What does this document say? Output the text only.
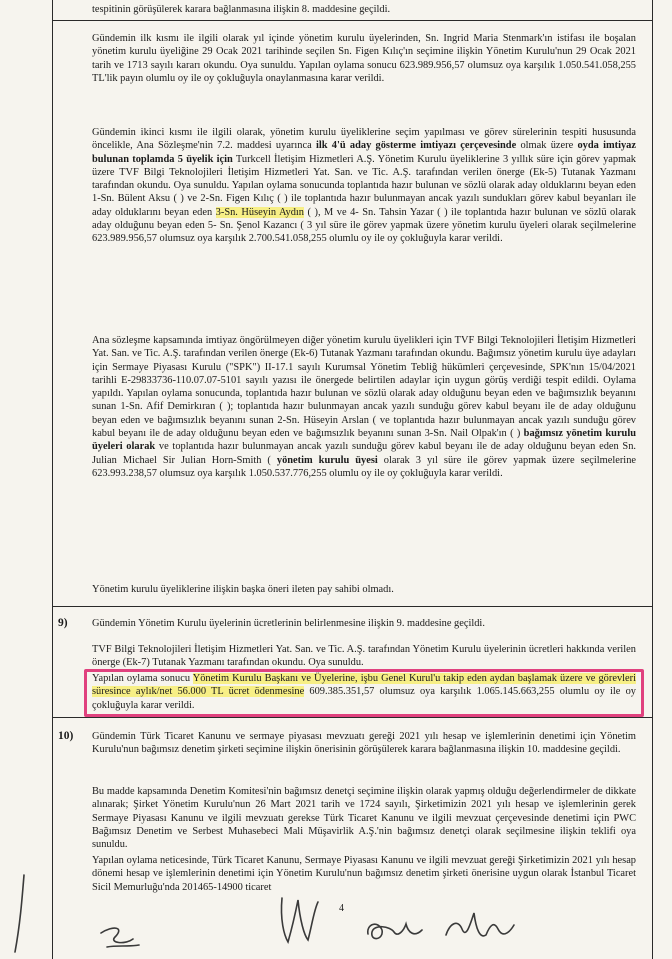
tespitinin görüşülerek karara bağlanmasına ilişkin 8. maddesine geçildi.

Gündemin ilk kısmı ile ilgili olarak yıl içinde yönetim kurulu üyelerinden, Sn. Ingrid Maria Stenmark'ın istifası ile boşalan yönetim kurulu üyeliğine 29 Ocak 2021 tarihinde seçilen Sn. Figen Kılıç'ın seçimine ilişkin Yönetim Kurulu'nun 29 Ocak 2021 tarih ve 1713 sayılı kararı okundu. Oya sunuldu. Yapılan oylama sonucu 623.989.956,57 olumsuz oya karşılık 1.050.541.058,255 TL'lik payın olumlu oy ile oy çokluğuyla onaylanmasına karar verildi.

Gündemin ikinci kısmı ile ilgili olarak, yönetim kurulu üyeliklerine seçim yapılması ve görev sürelerinin tespiti hususunda öncelikle, Ana Sözleşme'nin 7.2. maddesi uyarınca ilk 4'ü aday gösterme imtiyazı çerçevesinde olmak üzere oyda imtiyaz bulunan toplamda 5 üyelik için Turkcell İletişim Hizmetleri A.Ş. Yönetim Kurulu üyeliklerine 3 yıllık süre için görev yapmak üzere TVF Bilgi Teknolojileri İletişim Hizmetleri Yat. San. ve Tic. A.Ş. tarafından verilen önerge (Ek-5) Tutanak Yazmanı tarafından okundu. Oya sunuldu. Yapılan oylama sonucunda toplantıda hazır bulunan ve sözlü olarak aday olduklarını beyan eden 1-Sn. Bülent Aksu ( ) ve 2-Sn. Figen Kılıç ( ) ile toplantıda hazır bulunmayan ancak yazılı sundukları görev kabul beyanları ile aday olduklarını beyan eden 3-Sn. Hüseyin Aydın ( ), M ve 4- Sn. Tahsin Yazar ( ) ile toplantıda hazır bulunan ve sözlü olarak aday olduğunu beyan eden 5- Sn. Şenol Kazancı ( 3 yıl süre ile görev yapmak üzere yönetim kurulu üyeleri olarak seçilmelerine 623.989.956,57 olumsuz oya karşılık 2.700.541.058,255 olumlu oy ile oy çokluğuyla karar verildi.

Ana sözleşme kapsamında imtiyaz öngörülmeyen diğer yönetim kurulu üyelikleri için TVF Bilgi Teknolojileri İletişim Hizmetleri Yat. San. ve Tic. A.Ş. tarafından verilen önerge (Ek-6) Tutanak Yazmanı tarafından okundu. Bağımsız yönetim kurulu üye adayları için Sermaye Piyasası Kurulu ("SPK") II-17.1 sayılı Kurumsal Yönetim Tebliğ hükümleri çerçevesinde, SPK'nın 15/04/2021 tarihli E-29833736-110.07.07-5101 sayılı yazısı ile önergede belirtilen adaylar için uygun görüş verdiği tespit edildi. Oylama yapıldı. Yapılan oylama sonucunda, toplantıda hazır bulunan ve sözlü olarak aday olduğunu beyan eden ve bağımsızlık beyanını sunan 1-Sn. Afif Demirkıran ( ); toplantıda hazır bulunmayan ancak yazılı sunduğu görev kabul beyanı ile de aday olduğunu beyan eden ve bağımsızlık beyanını sunan 2-Sn. Hüseyin Arslan ( ve toplantıda hazır bulunmayan ancak yazılı sunduğu görev kabul beyanı ile de aday olduğunu beyan eden ve bağımsızlık beyanını sunan 3-Sn. Nail Olpak'ın ( ) bağımsız yönetim kurulu üyeleri olarak ve toplantıda hazır bulunmayan ancak yazılı sunduğu görev kabul beyanı ile de aday olduğunu beyan eden Sn. Julian Michael Sir Julian Horn-Smith ( yönetim kurulu üyesi olarak 3 yıl süre ile görev yapmak üzere seçilmelerine 623.993.238,57 olumsuz oya karşılık 1.050.537.776,255 olumlu oy ile oy çokluğuyla karar verildi.

Yönetim kurulu üyeliklerine ilişkin başka öneri ileten pay sahibi olmadı.

9) Gündemin Yönetim Kurulu üyelerinin ücretlerinin belirlenmesine ilişkin 9. maddesine geçildi.

TVF Bilgi Teknolojileri İletişim Hizmetleri Yat. San. ve Tic. A.Ş. tarafından Yönetim Kurulu üyelerinin ücretleri hakkında verilen önerge (Ek-7) Tutanak Yazmanı tarafından okundu. Oya sunuldu.

Yapılan oylama sonucu Yönetim Kurulu Başkanı ve Üyelerine, işbu Genel Kurul'u takip eden aydan başlamak üzere ve görevleri süresince aylık/net 56.000 TL ücret ödenmesine 609.385.351,57 olumsuz oya karşılık 1.065.145.663,255 olumlu oy ile oy çokluğuyla karar verildi.

10) Gündemin Türk Ticaret Kanunu ve sermaye piyasası mevzuatı gereği 2021 yılı hesap ve işlemlerinin denetimi için Yönetim Kurulu'nun bağımsız denetim şirketi seçimine ilişkin önerisinin görüşülerek karara bağlanmasına ilişkin 10. maddesine geçildi.

Bu madde kapsamında Denetim Komitesi'nin bağımsız denetçi seçimine ilişkin olarak yapmış olduğu değerlendirmeler de dikkate alınarak; Şirket Yönetim Kurulu'nun 26 Mart 2021 tarih ve 1724 sayılı, Şirketimizin 2021 yılı hesap ve işlemlerinin gerek Sermaye Piyasası Kanunu ve ilgili mevzuatı gerekse Türk Ticaret Kanunu ve ilgili mevzuat çerçevesinde denetimi için PWC Bağımsız Denetim ve Serbest Muhasebeci Mali Müşavirlik A.Ş.'nin bağımsız denetçi olarak seçilmesine ilişkin teklifi oya sunuldu.

Yapılan oylama neticesinde, Türk Ticaret Kanunu, Sermaye Piyasası Kanunu ve ilgili mevzuat gereği Şirketimizin 2021 yılı hesap dönemi hesap ve işlemlerinin denetimi için Yönetim Kurulu'nun bağımsız denetim şirketi önerisine uygun olarak İstanbul Ticaret Sicil Memurluğu'nda 201465-14900 ticaret

4
